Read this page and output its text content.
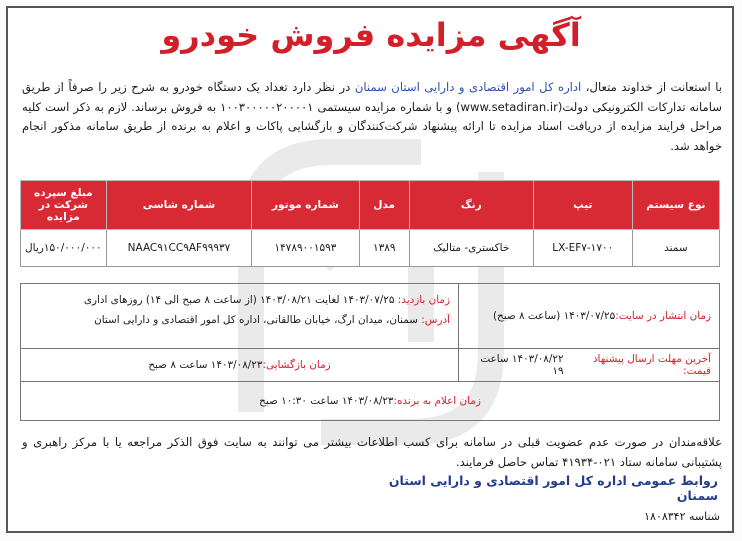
آگهی مزایده فروش خودرو
با استعانت از خداوند متعال، اداره کل امور اقتصادی و دارایی استان سمنان در نظر دارد تعداد یک دستگاه خودرو به شرح زیر را صرفاً از طریق سامانه تدارکات الکترونیکی دولت(www.setadiran.ir) و با شماره مزایده سیستمی ۱۰۰۳۰۰۰۰۰۲۰۰۰۰۱ به فروش برساند. لازم به ذکر است کلیه مراحل فرایند مزایده از دریافت اسناد مزایده تا ارائه پیشنهاد شرکت‌کنندگان و بازگشایی پاکات و اعلام به برنده از طریق سامانه مذکور انجام خواهد شد.
نوع سیستم	تیپ	رنگ	مدل	شماره موتور	شماره شاسی	مبلغ سپرده شرکت در مزایده
سمند	LX-EF۷-۱۷۰۰	خاکستری- متالیک	۱۳۸۹	۱۴۷۸۹۰۰۱۵۹۳	NAAC۹۱CC۹AF۹۹۹۳۷	۱۵۰/۰۰۰/۰۰۰ریال
زمان انتشار در سایت:
۱۴۰۳/۰۷/۲۵ (ساعت ۸ صبح)
زمان بازدید: ۱۴۰۳/۰۷/۲۵ لغایت ۱۴۰۳/۰۸/۲۱ (از ساعت ۸ صبح الی ۱۴) روزهای اداری
آدرس: سمنان، میدان ارگ، خیابان طالقانی، اداره کل امور اقتصادی و دارایی استان
آخرین مهلت ارسال پیشنهاد قیمت:
۱۴۰۳/۰۸/۲۲ ساعت ۱۹
زمان بازگشایی:
۱۴۰۳/۰۸/۲۳ ساعت ۸ صبح
زمان اعلام به برنده:
۱۴۰۳/۰۸/۲۳ ساعت ۱۰:۳۰ صبح
علاقه‌مندان در صورت عدم عضویت قبلی در سامانه برای کسب اطلاعات بیشتر می توانند به سایت فوق الذکر مراجعه یا با مرکز راهبری و پشتیبانی سامانه ستاد ۰۲۱-۴۱۹۳۴ تماس حاصل فرمایند.
روابط عمومی اداره کل امور اقتصادی و دارایی استان سمنان
شناسه ۱۸۰۸۳۴۲
